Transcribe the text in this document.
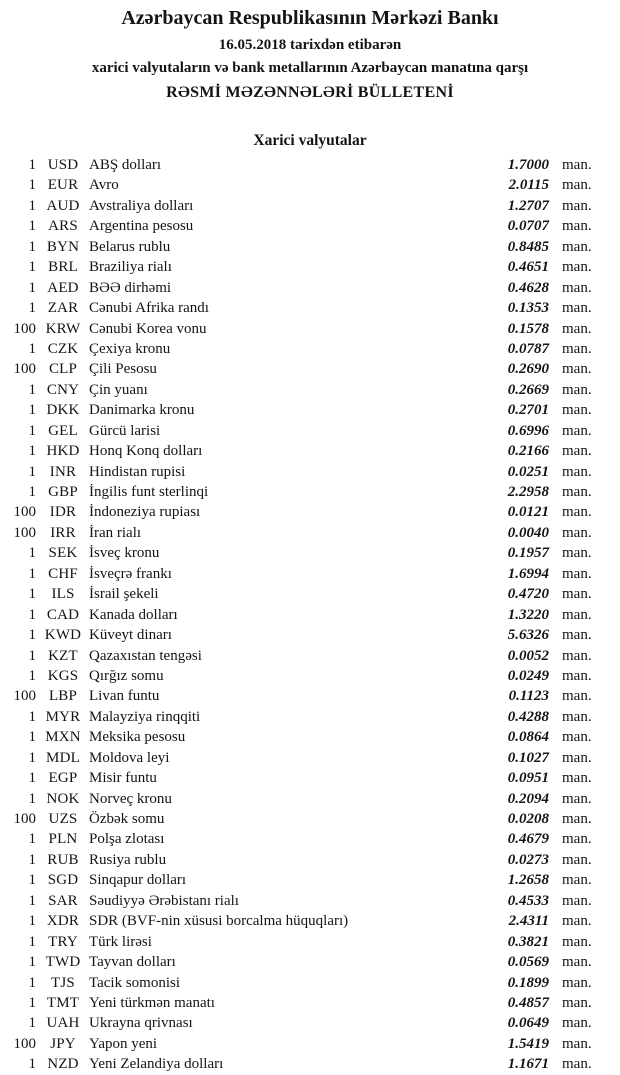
Azərbaycan Respublikasının Mərkəzi Bankı
16.05.2018 tarixdən etibarən
xarici valyutaların və bank metallarının Azərbaycan manatına qarşı
RƏSMİ MƏZƏNNƏLƏRİ BÜLLETENİ
Xarici valyutalar
1 USD ABŞ dolları	1.7000 man.
1 EUR Avro	2.0115 man.
1 AUD Avstraliya dolları	1.2707 man.
1 ARS Argentina pesosu	0.0707 man.
1 BYN Belarus rublu	0.8485 man.
1 BRL Braziliya rialı	0.4651 man.
1 AED BƏƏ dirhəmi	0.4628 man.
1 ZAR Cənubi Afrika randı	0.1353 man.
100 KRW Cənubi Korea vonu	0.1578 man.
1 CZK Çexiya kronu	0.0787 man.
100 CLP Çili Pesosu	0.2690 man.
1 CNY Çin yuanı	0.2669 man.
1 DKK Danimarka kronu	0.2701 man.
1 GEL Gürcü larisi	0.6996 man.
1 HKD Honq Konq dolları	0.2166 man.
1 INR Hindistan rupisi	0.0251 man.
1 GBP İngilis funt sterlinqi	2.2958 man.
100 IDR İndoneziya rupiası	0.0121 man.
100 IRR İran rialı	0.0040 man.
1 SEK İsveç kronu	0.1957 man.
1 CHF İsveçrə frankı	1.6994 man.
1	ILS İsrail şekeli	0.4720 man.
1 CAD Kanada dolları	1.3220 man.
1 KWD Küveyt dinarı	5.6326 man.
1 KZT Qazaxıstan tengəsi	0.0052 man.
1 KGS Qırğız somu	0.0249 man.
100 LBP Livan funtu	0.1123 man.
1 MYR Malayziya rinqqiti	0.4288 man.
1 MXN Meksika pesosu	0.0864 man.
1 MDL Moldova leyi	0.1027 man.
1 EGP Misir funtu	0.0951 man.
1 NOK Norveç kronu	0.2094 man.
100 UZS Özbək somu	0.0208 man.
1 PLN Polşa zlotası	0.4679 man.
1 RUB Rusiya rublu	0.0273 man.
1 SGD Sinqapur dolları	1.2658 man.
1 SAR Səudiyyə Ərəbistanı rialı	0.4533 man.
1 XDR SDR (BVF-nin xüsusi borcalma hüquqları)	2.4311 man.
1 TRY Türk lirəsi	0.3821 man.
1 TWD Tayvan dolları	0.0569 man.
1	TJS Tacik somonisi	0.1899 man.
1 TMT Yeni türkmən manatı	0.4857 man.
1 UAH Ukrayna qrivnası	0.0649 man.
100 JPY Yapon yeni	1.5419 man.
1 NZD Yeni Zelandiya dolları	1.1671 man.
